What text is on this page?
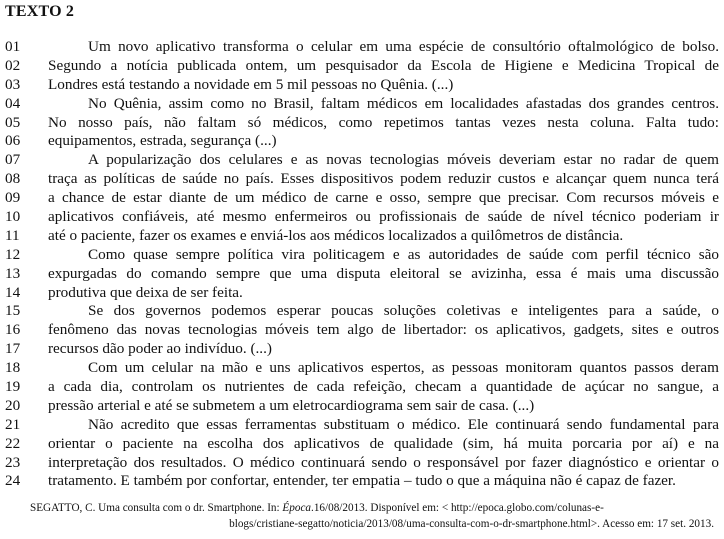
TEXTO 2
01	Um novo aplicativo transforma o celular em uma espécie de consultório oftalmológico de bolso.
02	Segundo a notícia publicada ontem, um pesquisador da Escola de Higiene e Medicina Tropical de
03	Londres está testando a novidade em 5 mil pessoas no Quênia. (...)
04	No Quênia, assim como no Brasil, faltam médicos em localidades afastadas dos grandes centros.
05	No nosso país, não faltam só médicos, como repetimos tantas vezes nesta coluna. Falta tudo:
06	equipamentos, estrada, segurança (...)
07	A popularização dos celulares e as novas tecnologias móveis deveriam estar no radar de quem
08	traça as políticas de saúde no país. Esses dispositivos podem reduzir custos e alcançar quem nunca terá
09	a chance de estar diante de um médico de carne e osso, sempre que precisar. Com recursos móveis e
10	aplicativos confiáveis, até mesmo enfermeiros ou profissionais de saúde de nível técnico poderiam ir
11	até o paciente, fazer os exames e enviá-los aos médicos localizados a quilômetros de distância.
12	Como quase sempre política vira politicagem e as autoridades de saúde com perfil técnico são
13	expurgadas do comando sempre que uma disputa eleitoral se avizinha, essa é mais uma discussão
14	produtiva que deixa de ser feita.
15	Se dos governos podemos esperar poucas soluções coletivas e inteligentes para a saúde, o
16	fenômeno das novas tecnologias móveis tem algo de libertador: os aplicativos, gadgets, sites e outros
17	recursos dão poder ao indivíduo. (...)
18	Com um celular na mão e uns aplicativos espertos, as pessoas monitoram quantos passos deram
19	a cada dia, controlam os nutrientes de cada refeição, checam a quantidade de açúcar no sangue, a
20	pressão arterial e até se submetem a um eletrocardiograma sem sair de casa. (...)
21	Não acredito que essas ferramentas substituam o médico. Ele continuará sendo fundamental para
22	orientar o paciente na escolha dos aplicativos de qualidade (sim, há muita porcaria por aí) e na
23	interpretação dos resultados. O médico continuará sendo o responsável por fazer diagnóstico e orientar o
24	tratamento. E também por confortar, entender, ter empatia – tudo o que a máquina não é capaz de fazer.
SEGATTO, C. Uma consulta com o dr. Smartphone. In: Época.16/08/2013. Disponível em: < http://epoca.globo.com/colunas-e-
blogs/cristiane-segatto/noticia/2013/08/uma-consulta-com-o-dr-smartphone.html>. Acesso em: 17 set. 2013.
